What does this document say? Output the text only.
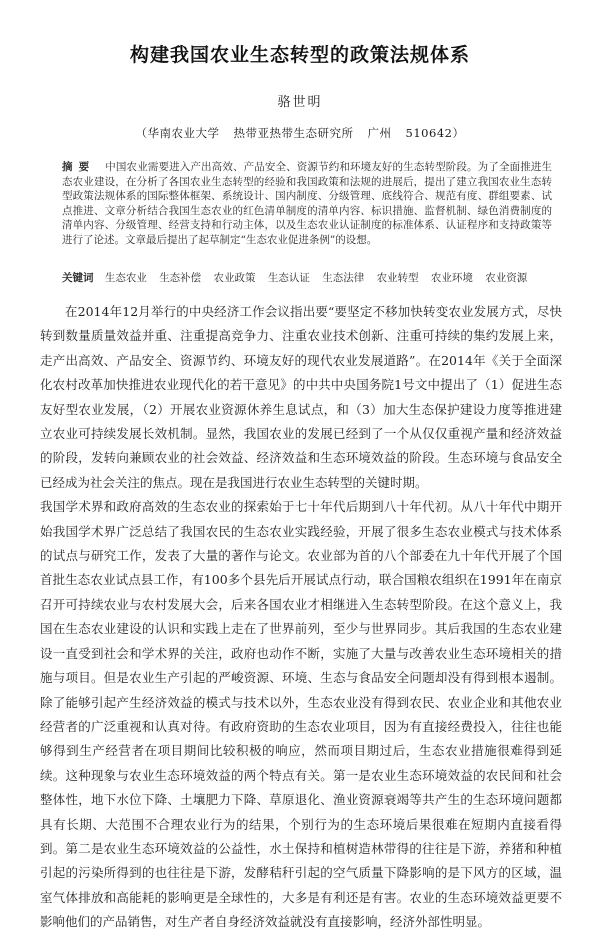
构建我国农业生态转型的政策法规体系
骆世明
（华南农业大学 热带亚热带生态研究所 广州 510642）
摘要 中国农业需要进入产出高效、产品安全、资源节约和环境友好的生态转型阶段。为了全面推进生态农业建设，在分析了各国农业生态转型的经验和我国政策和法规的进展后，提出了建立我国农业生态转型政策法规体系的国际整体框架、系统设计、国内制度、分级管理、底线符合、规范有度、群组要素、试点推进、文章分析结合我国生态农业的红色清单制度的清单内容、标识措施、监督机制、绿色消费制度的清单内容、分级管理、经营支持和行动主体，以及生态农业认证制度的标准体系、认证程序和支持政策等进行了论述。文章最后提出了起草制定“生态农业促进条例”的设想。
关键词 生态农业 生态补偿 农业政策 生态认证 生态法律 农业转型 农业环境 农业资源

在2014年12月举行的中央经济工作会议指出要“要坚定不移加快转变农业发展方式，尽快转到数量质量效益并重、注重提高竞争力、注重农业技术创新、注重可持续的集约发展上来，走产出高效、产品安全、资源节约、环境友好的现代农业发展道路”。在2014年《关于全面深化农村改革加快推进农业现代化的若干意见》的中共中央国务院1号文中提出了（1）促进生态友好型农业发展，（2）开展农业资源休养生息试点，和（3）加大生态保护建设力度等推进建立农业可持续发展长效机制。显然，我国农业的发展已经到了一个从仅仅重视产量和经济效益的阶段，发转向兼顾农业的社会效益、经济效益和生态环境效益的阶段。生态环境与食品安全已经成为社会关注的焦点。现在是我国进行农业生态转型的关键时期。

我国学术界和政府高效的生态农业的探索始于七十年代后期到八十年代初。从八十年代中期开始我国学术界广泛总结了我国农民的生态农业实践经验，开展了很多生态农业模式与技术体系的试点与研究工作，发表了大量的著作与论文。农业部为首的八个部委在九十年代开展了个国首批生态农业试点县工作，有100多个县先后开展试点行动，联合国粮农组织在1991年在南京召开可持续农业与农村发展大会，后来各国农业才相继进入生态转型阶段。在这个意义上，我国在生态农业建设的认识和实践上走在了世界前列，至少与世界同步。其后我国的生态农业建设一直受到社会和学术界的关注，政府也动作不断，实施了大量与改善农业生态环境相关的措施与项目。但是农业生产引起的严峻资源、环境、生态与食品安全问题却没有得到根本遏制。除了能够引起产生经济效益的模式与技术以外，生态农业没有得到农民、农业企业和其他农业经营者的广泛重视和认真对待。有政府资助的生态农业项目，因为有直接经费投入，往往也能够得到生产经营者在项目期间比较积极的响应，然而项目期过后，生态农业措施很难得到延续。这种现象与农业生态环境效益的两个特点有关。第一是农业生态环境效益的农民间和社会整体性，地下水位下降、土壤肥力下降、草原退化、渔业资源衰竭等共产生的生态环境问题都具有长期、大范围不合理农业行为的结果，个别行为的生态环境后果很难在短期内直接看得到。第二是农业生态环境效益的公益性，水土保持和植树造林带得的往往是下游，养猪和种植引起的污染所得到的也往往是下游，发酵秸秆引起的空气质量下降影响的是下风方的区域，温室气体排放和高能耗的影响更是全球性的，大多是有利还是有害。农业的生态环境效益更要不影响他们的产品销售，对生产者自身经济效益就没有直接影响，经济外部性明显。
